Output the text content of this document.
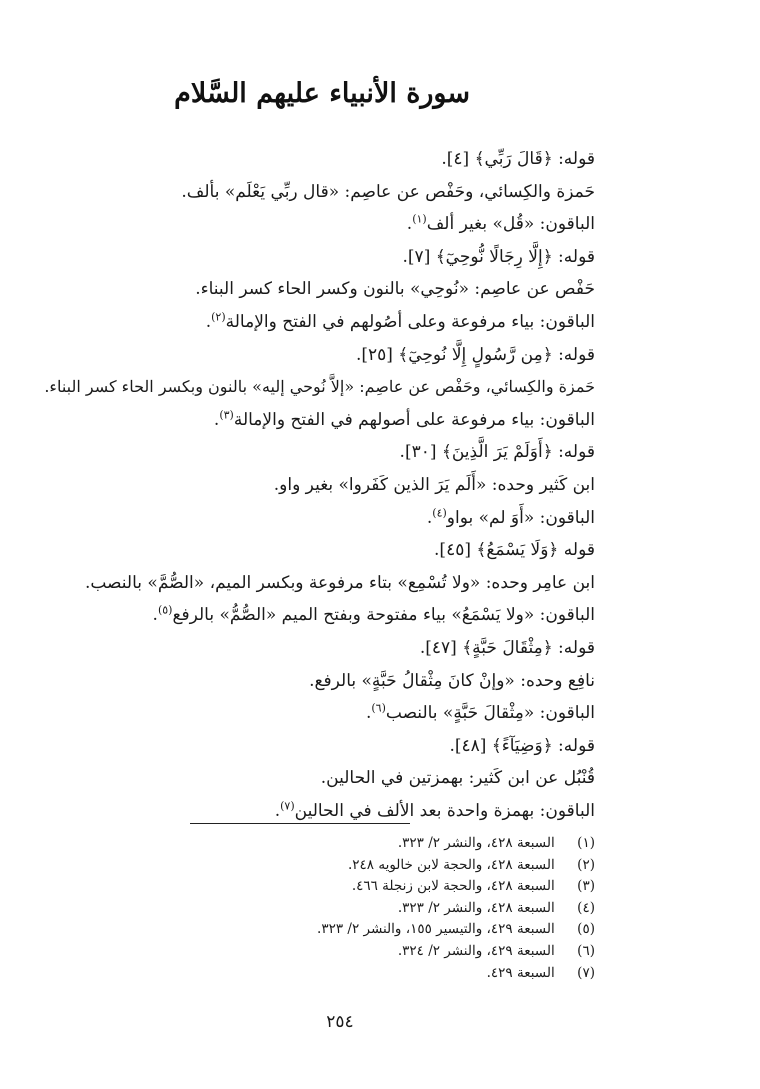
سورة الأنبياء عليهم السَّلام
قوله: ﴿قَالَ رَبِّي﴾ [٤].
حَمزة والكِسائي، وحَفْص عن عاصِم: «قال ربِّي يَعْلَم» بألف.
الباقون: «قُل» بغير ألف$^{(١)}$.
قوله: ﴿إِلَّا رِجَالًا نُّوحِيٓ﴾ [٧].
حَفْص عن عاصِم: «نُوحِي» بالنون وكسر الحاء كسر البناء.
الباقون: بياء مرفوعة وعلى أصُولهم في الفتح والإمالة$^{(٢)}$.
قوله: ﴿مِن رَّسُولٍ إِلَّا نُوحِيٓ﴾ [٢٥].
حَمزة والكِسائي، وحَفْص عن عاصِم: «إلاَّ نُوحي إليه» بالنون وبكسر الحاء كسر البناء.
الباقون: بياء مرفوعة على أصولهم في الفتح والإمالة$^{(٣)}$.
قوله: ﴿أَوَلَمْ يَرَ الَّذِينَ﴾ [٣٠].
ابن كَثير وحده: «أَلَم يَرَ الذين كَفَروا» بغير واو.
الباقون: «أَوَ لم» بواو$^{(٤)}$.
قوله ﴿وَلَا يَسْمَعُ﴾ [٤٥].
ابن عامِر وحده: «ولا تُسْمِع» بتاء مرفوعة وبكسر الميم، «الصُّمَّ» بالنصب.
الباقون: «ولا يَسْمَعُ» بياء مفتوحة وبفتح الميم «الصُّمُّ» بالرفع$^{(٥)}$.
قوله: ﴿مِثْقَالَ حَبَّةٍ﴾ [٤٧].
نافِع وحده: «وإنْ كانَ مِثْقالُ حَبَّةٍ» بالرفع.
الباقون: «مِثْقالَ حَبَّةٍ» بالنصب$^{(٦)}$.
قوله: ﴿وَضِيَآءً﴾ [٤٨].
قُنْبُل عن ابن كَثير: بهمزتين في الحالين.
الباقون: بهمزة واحدة بعد الألف في الحالين$^{(٧)}$.
(١) السبعة ٤٢٨، والنشر ٢/ ٣٢٣.
(٢) السبعة ٤٢٨، والحجة لابن خالويه ٢٤٨.
(٣) السبعة ٤٢٨، والحجة لابن زنجلة ٤٦٦.
(٤) السبعة ٤٢٨، والنشر ٢/ ٣٢٣.
(٥) السبعة ٤٢٩، والتيسير ١٥٥، والنشر ٢/ ٣٢٣.
(٦) السبعة ٤٢٩، والنشر ٢/ ٣٢٤.
(٧) السبعة ٤٢٩.
٢٥٤
